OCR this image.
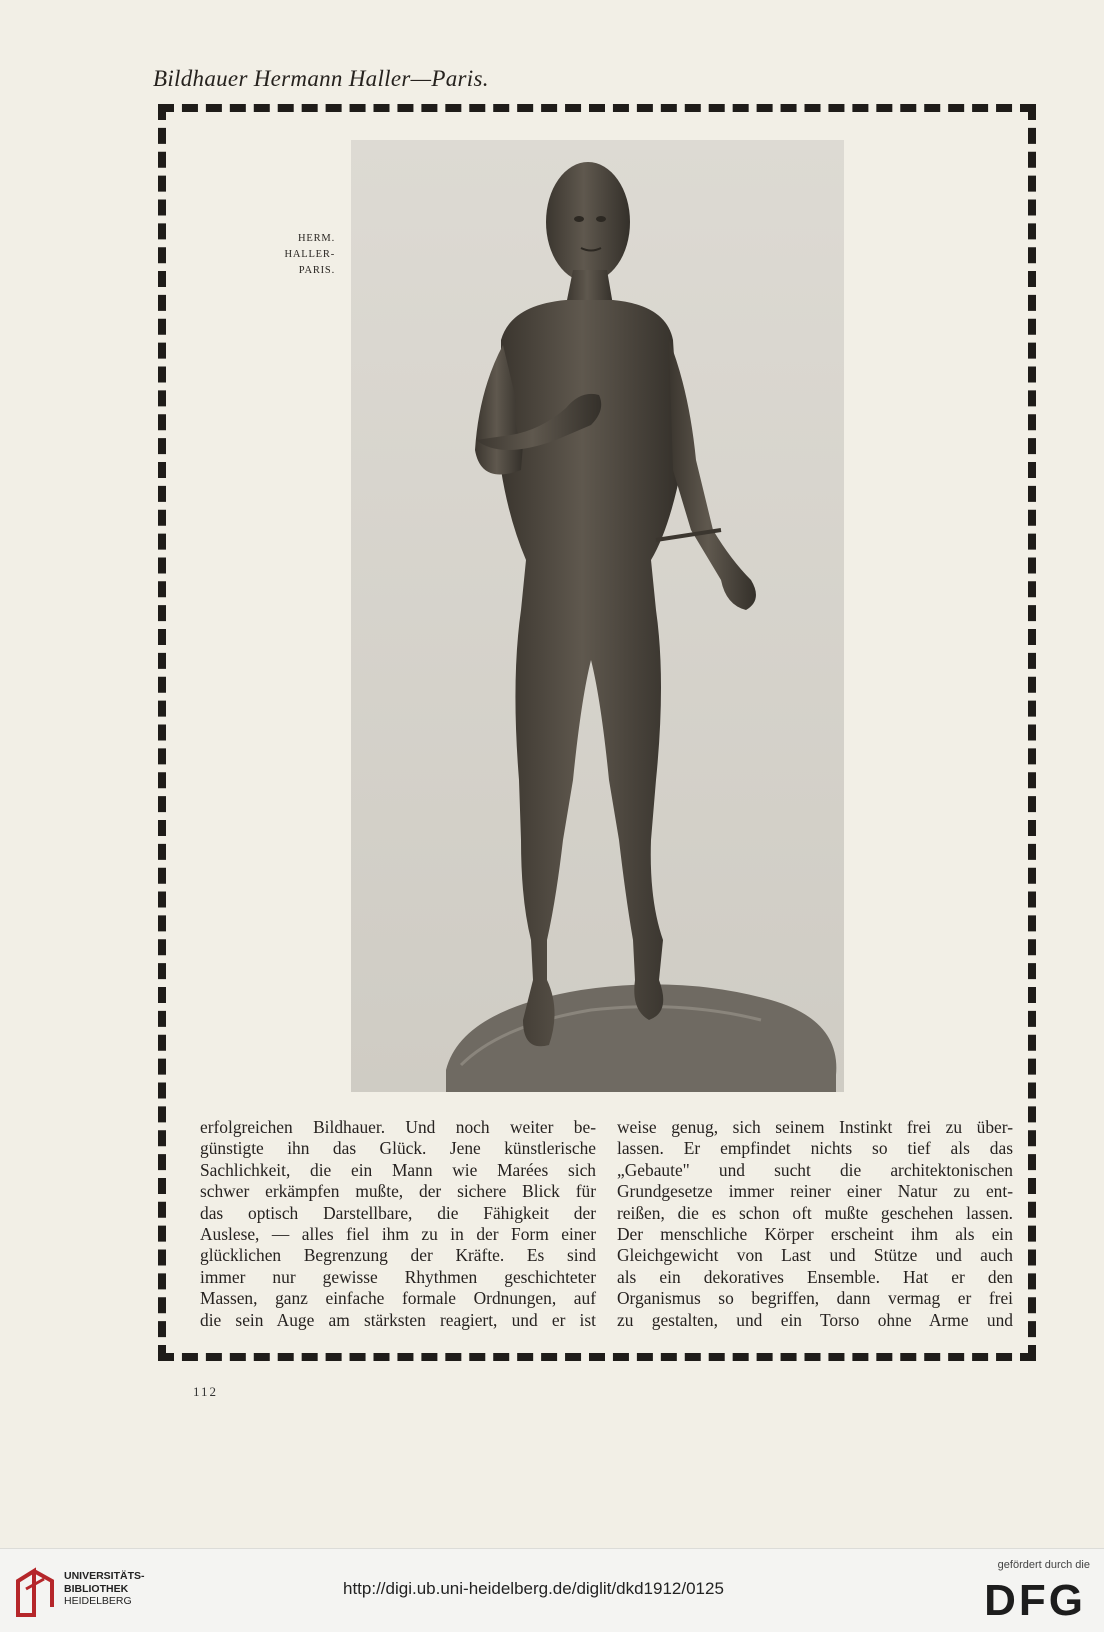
Bildhauer Hermann Haller—Paris.
HERM.
HALLER-
PARIS.
erfolgreichen Bildhauer. Und noch weiter be-
günstigte ihn das Glück. Jene künstlerische
Sachlichkeit, die ein Mann wie Marées sich
schwer erkämpfen mußte, der sichere Blick für
das optisch Darstellbare, die Fähigkeit der
Auslese, — alles fiel ihm zu in der Form einer
glücklichen Begrenzung der Kräfte. Es sind
immer nur gewisse Rhythmen geschichteter
Massen, ganz einfache formale Ordnungen, auf
die sein Auge am stärksten reagiert, und er ist
weise genug, sich seinem Instinkt frei zu über-
lassen. Er empfindet nichts so tief als das
„Gebaute" und sucht die architektonischen
Grundgesetze immer reiner einer Natur zu ent-
reißen, die es schon oft mußte geschehen lassen.
Der menschliche Körper erscheint ihm als ein
Gleichgewicht von Last und Stütze und auch
als ein dekoratives Ensemble. Hat er den
Organismus so begriffen, dann vermag er frei
zu gestalten, und ein Torso ohne Arme und
112
UNIVERSITÄTS-
BIBLIOTHEK
HEIDELBERG
http://digi.ub.uni-heidelberg.de/diglit/dkd1912/0125
gefördert durch die
DFG
